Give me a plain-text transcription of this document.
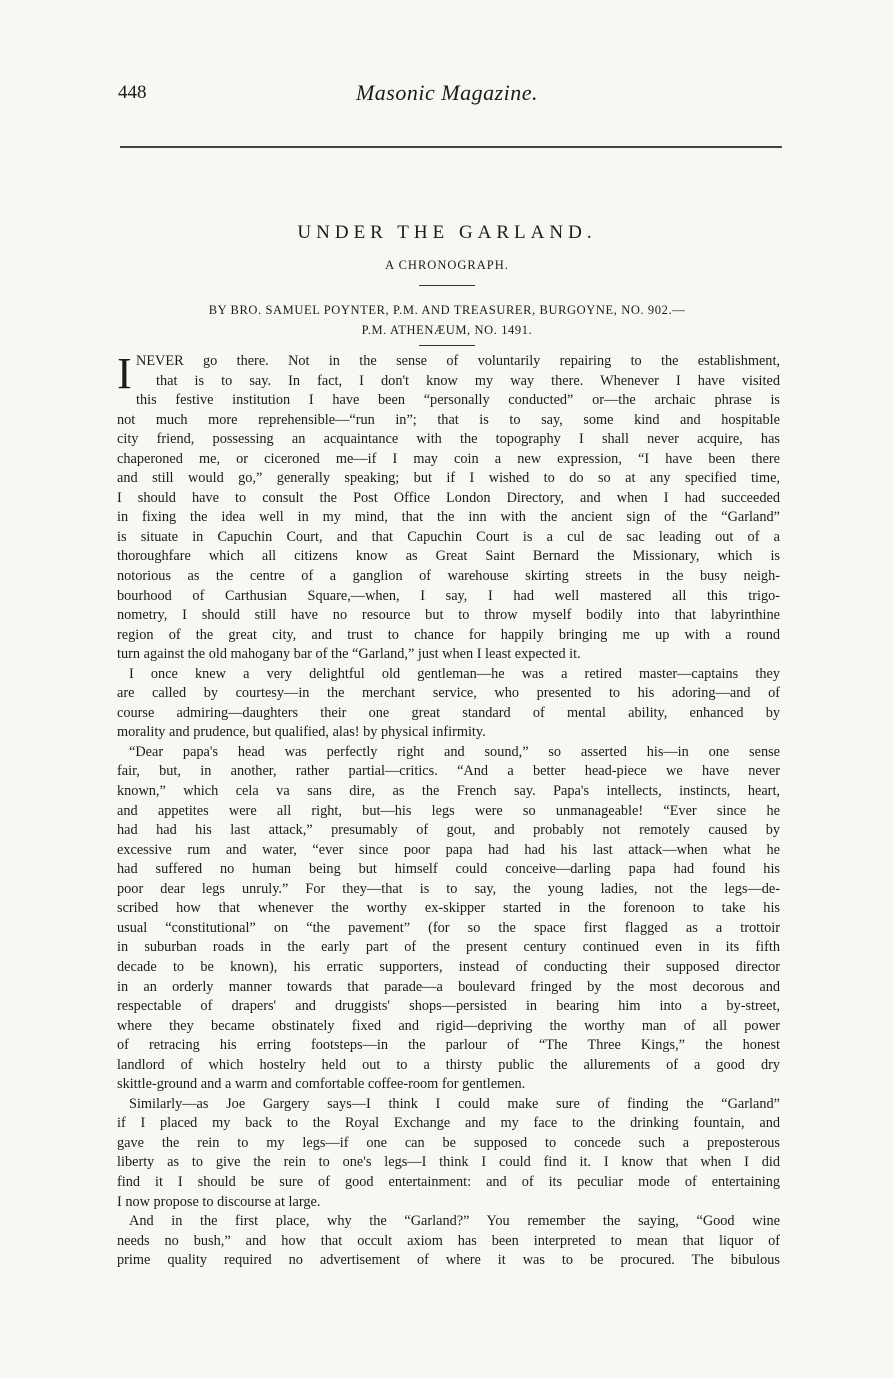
448	Masonic Magazine.
UNDER THE GARLAND.
A CHRONOGRAPH.
BY BRO. SAMUEL POYNTER, P.M. AND TREASURER, BURGOYNE, NO. 902.—
P.M. ATHENÆUM, NO. 1491.
I NEVER go there. Not in the sense of voluntarily repairing to the establishment,
that is to say. In fact, I don't know my way there. Whenever I have visited
this festive institution I have been “personally conducted” or—the archaic phrase is
not much more reprehensible—“run in”; that is to say, some kind and hospitable
city friend, possessing an acquaintance with the topography I shall never acquire, has
chaperoned me, or ciceroned me—if I may coin a new expression, “I have been there
and still would go,” generally speaking; but if I wished to do so at any specified time,
I should have to consult the Post Office London Directory, and when I had succeeded
in fixing the idea well in my mind, that the inn with the ancient sign of the “Garland”
is situate in Capuchin Court, and that Capuchin Court is a cul de sac leading out of a
thoroughfare which all citizens know as Great Saint Bernard the Missionary, which is
notorious as the centre of a ganglion of warehouse skirting streets in the busy neigh-
bourhood of Carthusian Square,—when, I say, I had well mastered all this trigo-
nometry, I should still have no resource but to throw myself bodily into that labyrinthine
region of the great city, and trust to chance for happily bringing me up with a round
turn against the old mahogany bar of the “Garland,” just when I least expected it.
I once knew a very delightful old gentleman—he was a retired master—captains they
are called by courtesy—in the merchant service, who presented to his adoring—and of
course admiring—daughters their one great standard of mental ability, enhanced by
morality and prudence, but qualified, alas! by physical infirmity.
“Dear papa's head was perfectly right and sound,” so asserted his—in one sense
fair, but, in another, rather partial—critics. “And a better head-piece we have never
known,” which cela va sans dire, as the French say. Papa's intellects, instincts, heart,
and appetites were all right, but—his legs were so unmanageable! “Ever since he
had had his last attack,” presumably of gout, and probably not remotely caused by
excessive rum and water, “ever since poor papa had had his last attack—when what he
had suffered no human being but himself could conceive—darling papa had found his
poor dear legs unruly.” For they—that is to say, the young ladies, not the legs—de-
scribed how that whenever the worthy ex-skipper started in the forenoon to take his
usual “constitutional” on “the pavement” (for so the space first flagged as a trottoir
in suburban roads in the early part of the present century continued even in its fifth
decade to be known), his erratic supporters, instead of conducting their supposed director
in an orderly manner towards that parade—a boulevard fringed by the most decorous and
respectable of drapers' and druggists' shops—persisted in bearing him into a by-street,
where they became obstinately fixed and rigid—depriving the worthy man of all power
of retracing his erring footsteps—in the parlour of “The Three Kings,” the honest
landlord of which hostelry held out to a thirsty public the allurements of a good dry
skittle-ground and a warm and comfortable coffee-room for gentlemen.
Similarly—as Joe Gargery says—I think I could make sure of finding the “Garland”
if I placed my back to the Royal Exchange and my face to the drinking fountain, and
gave the rein to my legs—if one can be supposed to concede such a preposterous
liberty as to give the rein to one's legs—I think I could find it. I know that when I did
find it I should be sure of good entertainment: and of its peculiar mode of entertaining
I now propose to discourse at large.
And in the first place, why the “Garland?” You remember the saying, “Good wine
needs no bush,” and how that occult axiom has been interpreted to mean that liquor of
prime quality required no advertisement of where it was to be procured. The bibulous
